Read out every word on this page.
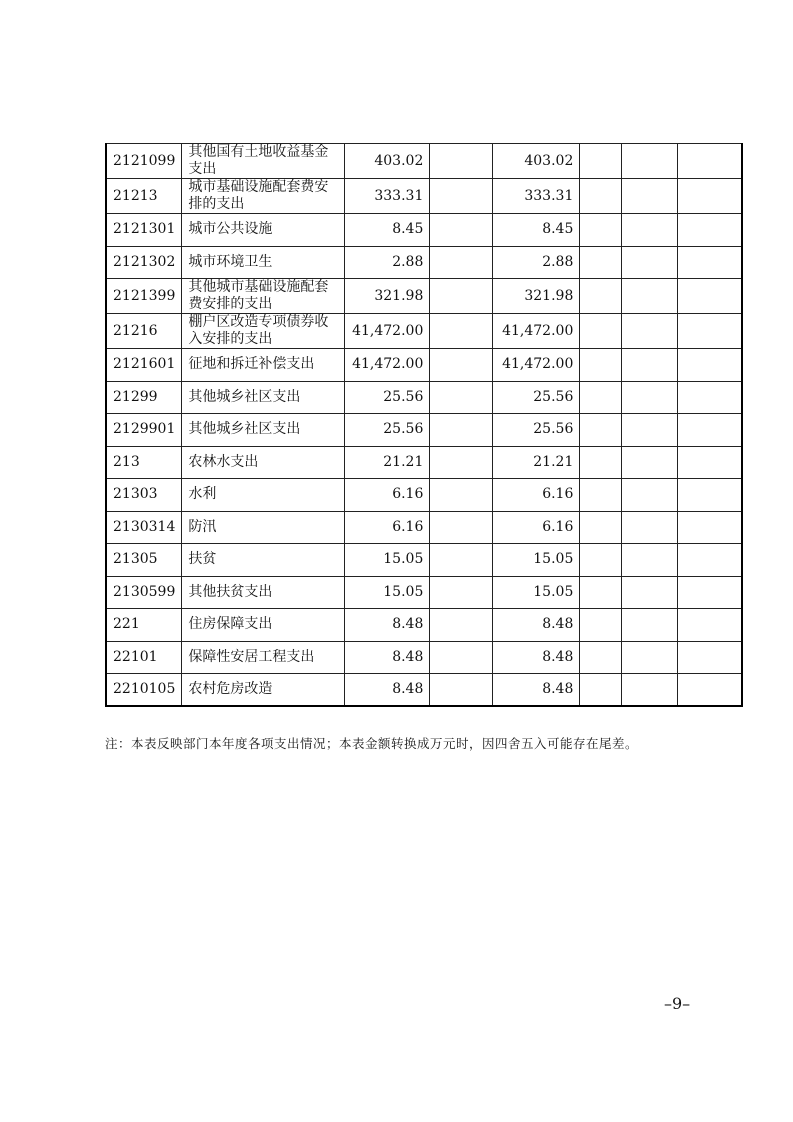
2121099	其他国有土地收益基金支出	403.02		403.02			
21213	城市基础设施配套费安排的支出	333.31		333.31			
2121301	城市公共设施	8.45		8.45			
2121302	城市环境卫生	2.88		2.88			
2121399	其他城市基础设施配套费安排的支出	321.98		321.98			
21216	棚户区改造专项债券收入安排的支出	41,472.00		41,472.00			
2121601	征地和拆迁补偿支出	41,472.00		41,472.00			
21299	其他城乡社区支出	25.56		25.56			
2129901	其他城乡社区支出	25.56		25.56			
213	农林水支出	21.21		21.21			
21303	水利	6.16		6.16			
2130314	防汛	6.16		6.16			
21305	扶贫	15.05		15.05			
2130599	其他扶贫支出	15.05		15.05			
221	住房保障支出	8.48		8.48			
22101	保障性安居工程支出	8.48		8.48			
2210105	农村危房改造	8.48		8.48			
注：本表反映部门本年度各项支出情况；本表金额转换成万元时，因四舍五入可能存在尾差。
–9–
